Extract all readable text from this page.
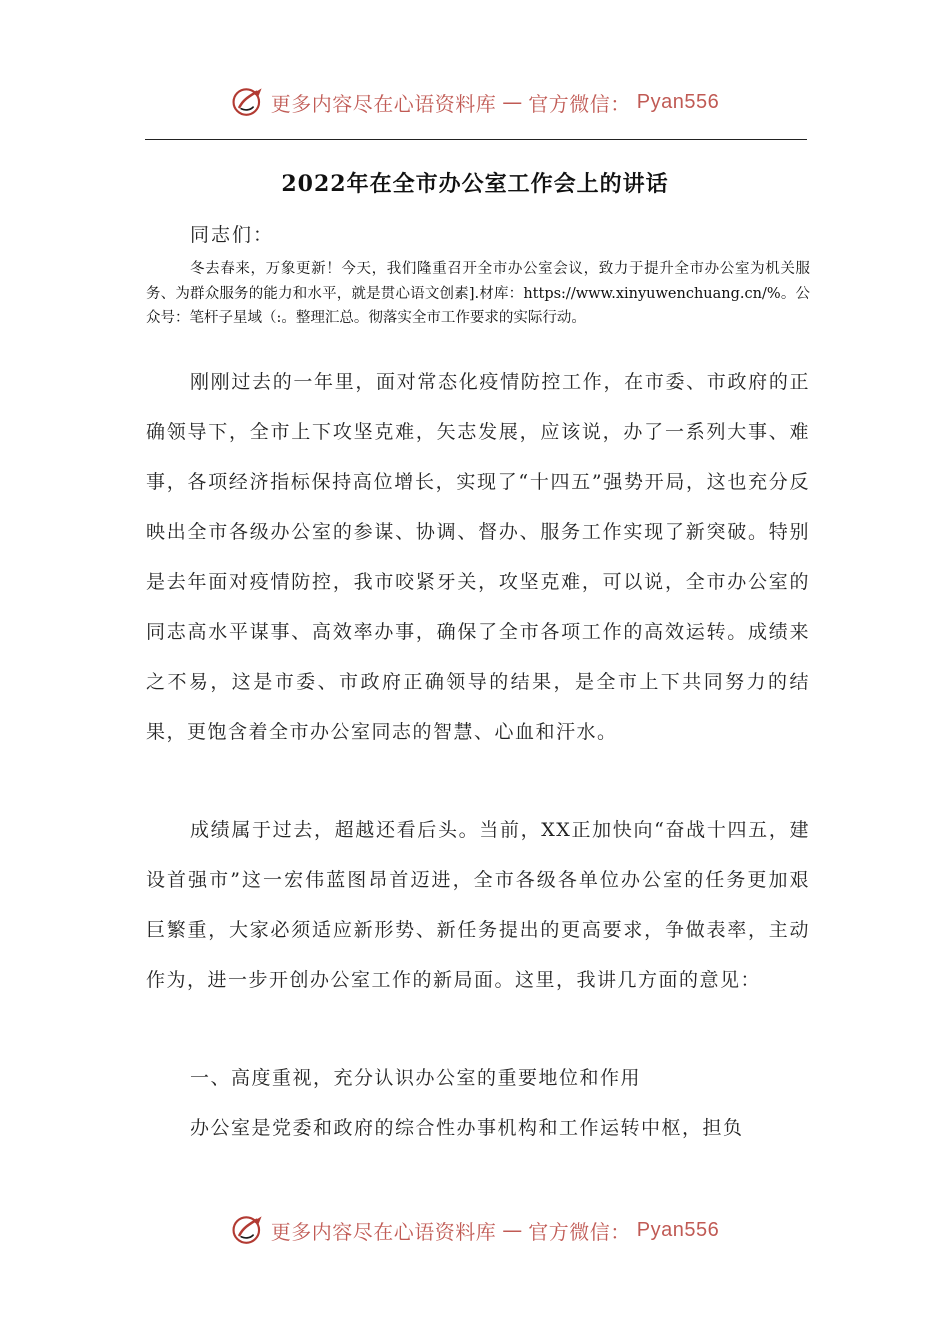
更多内容尽在心语资料库 — 官方微信： Pyan556
2022年在全市办公室工作会上的讲话
同志们：
冬去春来，万象更新！今天，我们隆重召开全市办公室会议，致力于提升全市办公室为机关服务、为群众服务的能力和水平，就是贯心语文创素].材库：https://www.xinyuwenchuang.cn/%。公众号：笔杆子星域（:。整理汇总。彻落实全市工作要求的实际行动。

刚刚过去的一年里，面对常态化疫情防控工作，在市委、市政府的正确领导下，全市上下攻坚克难，矢志发展，应该说，办了一系列大事、难事，各项经济指标保持高位增长，实现了“十四五”强势开局，这也充分反映出全市各级办公室的参谋、协调、督办、服务工作实现了新突破。特别是去年面对疫情防控，我市咬紧牙关，攻坚克难，可以说，全市办公室的同志高水平谋事、高效率办事，确保了全市各项工作的高效运转。成绩来之不易，这是市委、市政府正确领导的结果，是全市上下共同努力的结果，更饱含着全市办公室同志的智慧、心血和汗水。

成绩属于过去，超越还看后头。当前，XX正加快向“奋战十四五，建设首强市”这一宏伟蓝图昂首迈进，全市各级各单位办公室的任务更加艰巨繁重，大家必须适应新形势、新任务提出的更高要求，争做表率，主动作为，进一步开创办公室工作的新局面。这里，我讲几方面的意见：

一、高度重视，充分认识办公室的重要地位和作用

办公室是党委和政府的综合性办事机构和工作运转中枢，担负

更多内容尽在心语资料库 — 官方微信： Pyan556
